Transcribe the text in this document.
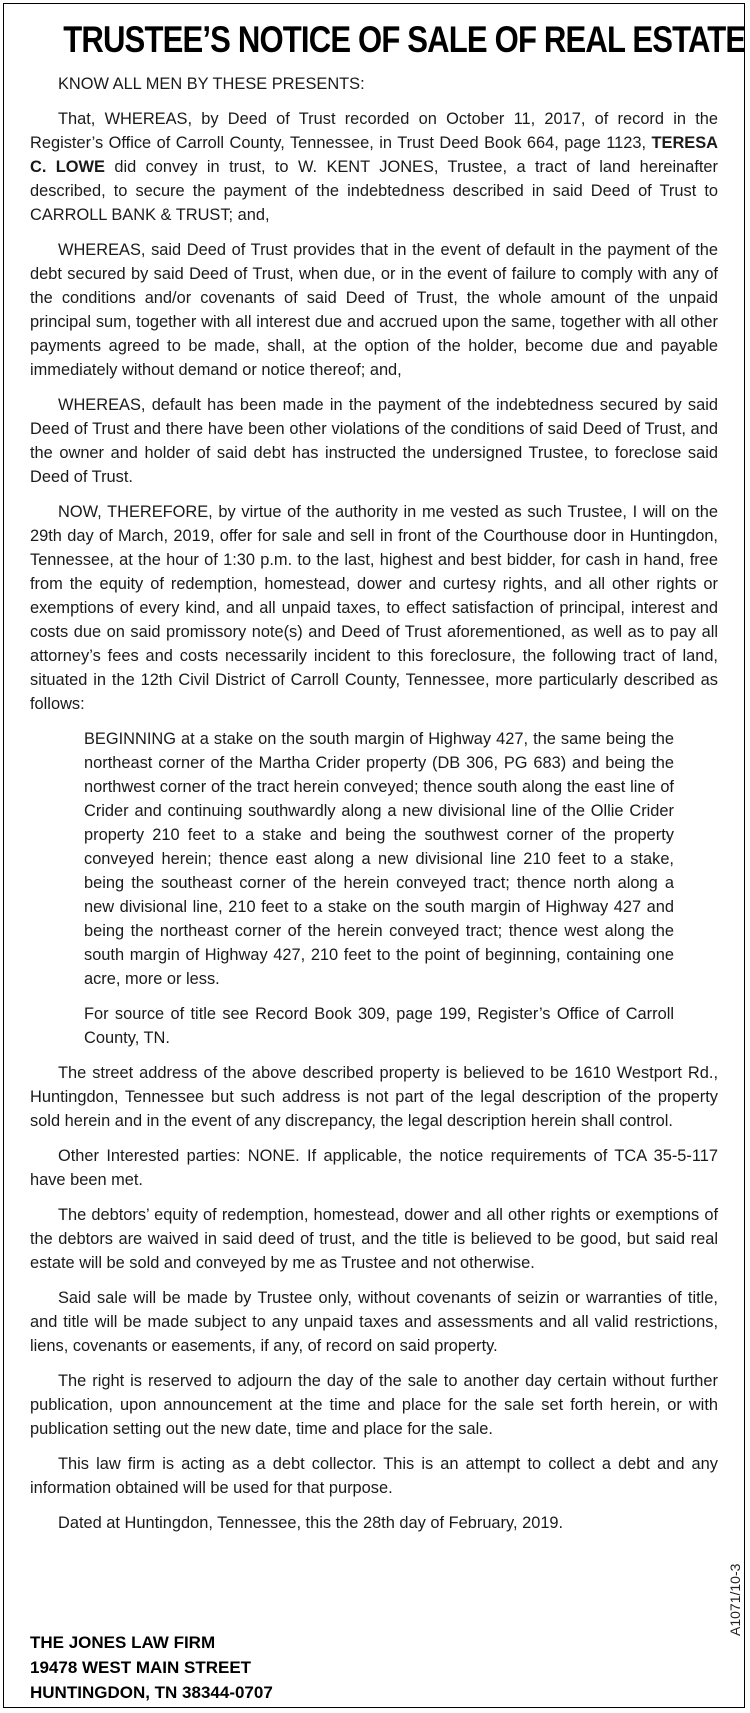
TRUSTEE’S NOTICE OF SALE OF REAL ESTATE

KNOW ALL MEN BY THESE PRESENTS:

That, WHEREAS, by Deed of Trust recorded on October 11, 2017, of record in the Register’s Office of Carroll County, Tennessee, in Trust Deed Book 664, page 1123, TERESA C. LOWE did convey in trust, to W. KENT JONES, Trustee, a tract of land hereinafter described, to secure the payment of the indebtedness described in said Deed of Trust to CARROLL BANK & TRUST; and,

WHEREAS, said Deed of Trust provides that in the event of default in the payment of the debt secured by said Deed of Trust, when due, or in the event of failure to comply with any of the conditions and/or covenants of said Deed of Trust, the whole amount of the unpaid principal sum, together with all interest due and accrued upon the same, together with all other payments agreed to be made, shall, at the option of the holder, become due and payable immediately without demand or notice thereof; and,

WHEREAS, default has been made in the payment of the indebtedness secured by said Deed of Trust and there have been other violations of the conditions of said Deed of Trust, and the owner and holder of said debt has instructed the undersigned Trustee, to foreclose said Deed of Trust.

NOW, THEREFORE, by virtue of the authority in me vested as such Trustee, I will on the 29th day of March, 2019, offer for sale and sell in front of the Courthouse door in Huntingdon, Tennessee, at the hour of 1:30 p.m. to the last, highest and best bidder, for cash in hand, free from the equity of redemption, homestead, dower and curtesy rights, and all other rights or exemptions of every kind, and all unpaid taxes, to effect satisfaction of principal, interest and costs due on said promissory note(s) and Deed of Trust aforementioned, as well as to pay all attorney’s fees and costs necessarily incident to this foreclosure, the following tract of land, situated in the 12th Civil District of Carroll County, Tennessee, more particularly described as follows:

BEGINNING at a stake on the south margin of Highway 427, the same being the northeast corner of the Martha Crider property (DB 306, PG 683) and being the northwest corner of the tract herein conveyed; thence south along the east line of Crider and continuing southwardly along a new divisional line of the Ollie Crider property 210 feet to a stake and being the southwest corner of the property conveyed herein; thence east along a new divisional line 210 feet to a stake, being the southeast corner of the herein conveyed tract; thence north along a new divisional line, 210 feet to a stake on the south margin of Highway 427 and being the northeast corner of the herein conveyed tract; thence west along the south margin of Highway 427, 210 feet to the point of beginning, containing one acre, more or less.

For source of title see Record Book 309, page 199, Register’s Office of Carroll County, TN.

The street address of the above described property is believed to be 1610 Westport Rd., Huntingdon, Tennessee but such address is not part of the legal description of the property sold herein and in the event of any discrepancy, the legal description herein shall control.

Other Interested parties: NONE. If applicable, the notice requirements of TCA 35-5-117 have been met.

The debtors’ equity of redemption, homestead, dower and all other rights or exemptions of the debtors are waived in said deed of trust, and the title is believed to be good, but said real estate will be sold and conveyed by me as Trustee and not otherwise.

Said sale will be made by Trustee only, without covenants of seizin or warranties of title, and title will be made subject to any unpaid taxes and assessments and all valid restrictions, liens, covenants or easements, if any, of record on said property.

The right is reserved to adjourn the day of the sale to another day certain without further publication, upon announcement at the time and place for the sale set forth herein, or with publication setting out the new date, time and place for the sale.

This law firm is acting as a debt collector. This is an attempt to collect a debt and any information obtained will be used for that purpose.

Dated at Huntingdon, Tennessee, this the 28th day of February, 2019.

THE JONES LAW FIRM
19478 WEST MAIN STREET
HUNTINGDON, TN 38344-0707
A1071/10-3
